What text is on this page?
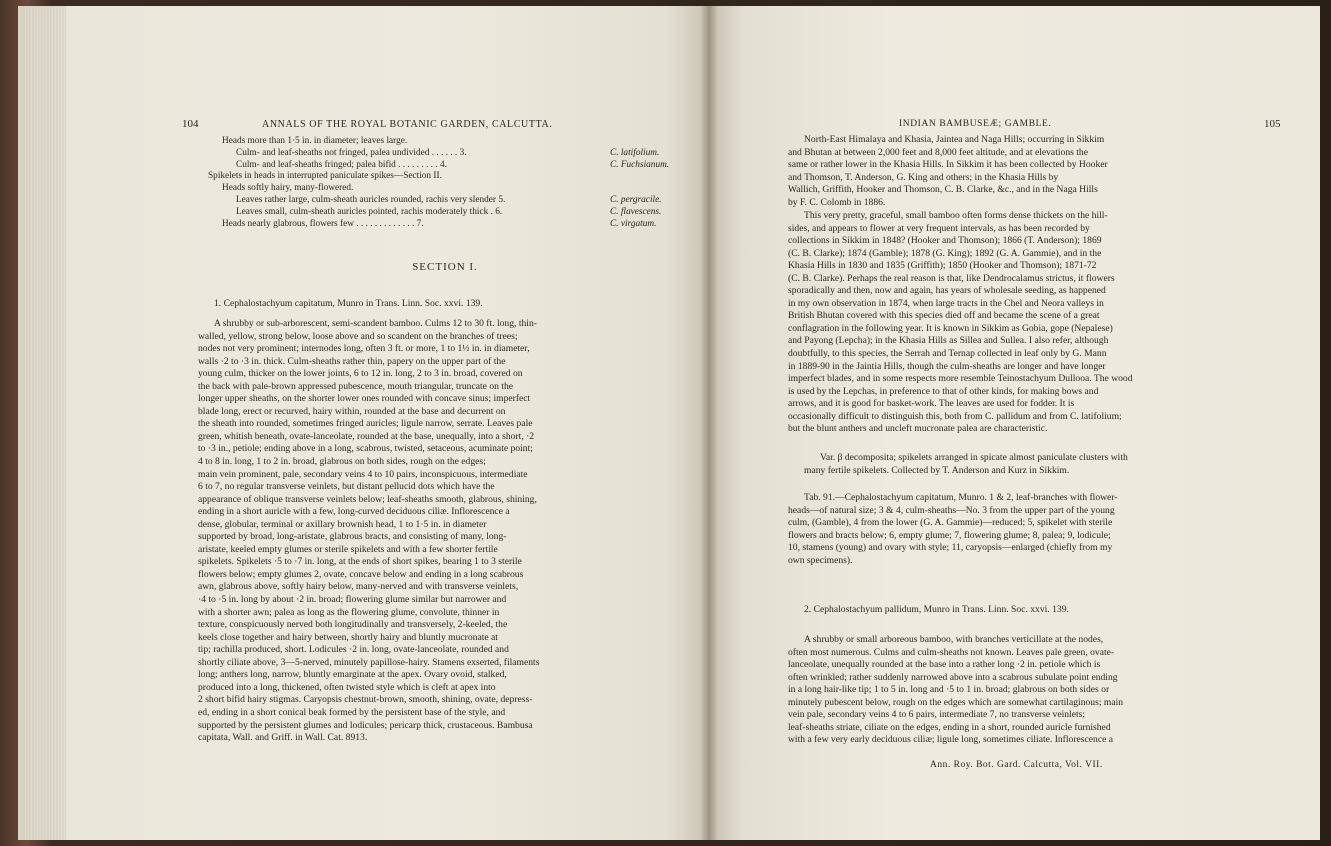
104	ANNALS OF THE ROYAL BOTANIC GARDEN, CALCUTTA.
Heads more than 1·5 in. in diameter; leaves large.
Culm- and leaf-sheaths not fringed, palea undivided . . . . . . 3.	C. latifolium.
Culm- and leaf-sheaths fringed; palea bifid . . . . . . . . . 4.	C. Fuchsianum.
Spikelets in heads in interrupted paniculate spikes—Section II.
Heads softly hairy, many-flowered.
Leaves rather large, culm-sheath auricles rounded, rachis very slender 5.	C. pergracile.
Leaves small, culm-sheath auricles pointed, rachis moderately thick . 6.	C. flavescens.
Heads nearly glabrous, flowers few . . . . . . . . . . . . . 7.	C. virgatum.
SECTION I.
1. Cephalostachyum capitatum, Munro in Trans. Linn. Soc. xxvi. 139.
A shrubby or sub-arborescent, semi-scandent bamboo. Culms 12 to 30 ft. long, thin-
walled, yellow, strong below, loose above and so scandent on the branches of trees;
nodes not very prominent; internodes long, often 3 ft. or more, 1 to 1½ in. in diameter,
walls ·2 to ·3 in. thick. Culm-sheaths rather thin, papery on the upper part of the
young culm, thicker on the lower joints, 6 to 12 in. long, 2 to 3 in. broad, covered on
the back with pale-brown appressed pubescence, mouth triangular, truncate on the
longer upper sheaths, on the shorter lower ones rounded with concave sinus; imperfect
blade long, erect or recurved, hairy within, rounded at the base and decurrent on
the sheath into rounded, sometimes fringed auricles; ligule narrow, serrate. Leaves pale
green, whitish beneath, ovate-lanceolate, rounded at the base, unequally, into a short, ·2
to ·3 in., petiole; ending above in a long, scabrous, twisted, setaceous, acuminate point;
4 to 8 in. long, 1 to 2 in. broad, glabrous on both sides, rough on the edges;
main vein prominent, pale, secondary veins 4 to 10 pairs, inconspicuous, intermediate
6 to 7, no regular transverse veinlets, but distant pellucid dots which have the
appearance of oblique transverse veinlets below; leaf-sheaths smooth, glabrous, shining,
ending in a short auricle with a few, long-curved deciduous ciliæ. Inflorescence a
dense, globular, terminal or axillary brownish head, 1 to 1·5 in. in diameter
supported by broad, long-aristate, glabrous bracts, and consisting of many, long-
aristate, keeled empty glumes or sterile spikelets and with a few shorter fertile
spikelets. Spikelets ·5 to ·7 in. long, at the ends of short spikes, bearing 1 to 3 sterile
flowers below; empty glumes 2, ovate, concave below and ending in a long scabrous
awn, glabrous above, softly hairy below, many-nerved and with transverse veinlets,
·4 to ·5 in. long by about ·2 in. broad; flowering glume similar but narrower and
with a shorter awn; palea as long as the flowering glume, convolute, thinner in
texture, conspicuously nerved both longitudinally and transversely, 2-keeled, the
keels close together and hairy between, shortly hairy and bluntly mucronate at
tip; rachilla produced, short. Lodicules ·2 in. long, ovate-lanceolate, rounded and
shortly ciliate above, 3—5-nerved, minutely papillose-hairy. Stamens exserted, filaments
long; anthers long, narrow, bluntly emarginate at the apex. Ovary ovoid, stalked,
produced into a long, thickened, often twisted style which is cleft at apex into
2 short bifid hairy stigmas. Caryopsis chestnut-brown, smooth, shining, ovate, depress-
ed, ending in a short conical beak formed by the persistent base of the style, and
supported by the persistent glumes and lodicules; pericarp thick, crustaceous. Bambusa
capitata, Wall. and Griff. in Wall. Cat. 8913.
INDIAN BAMBUSEÆ; GAMBLE.	105
North-East Himalaya and Khasia, Jaintea and Naga Hills; occurring in Sikkim
and Bhutan at between 2,000 feet and 8,000 feet altitude, and at elevations the
same or rather lower in the Khasia Hills. In Sikkim it has been collected by Hooker
and Thomson, T. Anderson, G. King and others; in the Khasia Hills by
Wallich, Griffith, Hooker and Thomson, C. B. Clarke, &c., and in the Naga Hills
by F. C. Colomb in 1886.
This very pretty, graceful, small bamboo often forms dense thickets on the hill-
sides, and appears to flower at very frequent intervals, as has been recorded by
collections in Sikkim in 1848? (Hooker and Thomson); 1866 (T. Anderson); 1869
(C. B. Clarke); 1874 (Gamble); 1878 (G. King); 1892 (G. A. Gammie), and in the
Khasia Hills in 1830 and 1835 (Griffith); 1850 (Hooker and Thomson); 1871-72
(C. B. Clarke). Perhaps the real reason is that, like Dendrocalamus strictus, it flowers
sporadically and then, now and again, has years of wholesale seeding, as happened
in my own observation in 1874, when large tracts in the Chel and Neora valleys in
British Bhutan covered with this species died off and became the scene of a great
conflagration in the following year. It is known in Sikkim as Gobia, gope (Nepalese)
and Payong (Lepcha); in the Khasia Hills as Sillea and Sullea. I also refer, although
doubtfully, to this species, the Serrah and Ternap collected in leaf only by G. Mann
in 1889-90 in the Jaintia Hills, though the culm-sheaths are longer and have longer
imperfect blades, and in some respects more resemble Teinostachyum Dullooa. The wood
is used by the Lepchas, in preference to that of other kinds, for making bows and
arrows, and it is good for basket-work. The leaves are used for fodder. It is
occasionally difficult to distinguish this, both from C. pallidum and from C. latifolium;
but the blunt anthers and uncleft mucronate palea are characteristic.
Var. β decomposita; spikelets arranged in spicate almost paniculate clusters with
many fertile spikelets. Collected by T. Anderson and Kurz in Sikkim.
Tab. 91.—Cephalostachyum capitatum, Munro. 1 & 2, leaf-branches with flower-
heads—of natural size; 3 & 4, culm-sheaths—No. 3 from the upper part of the young
culm, (Gamble), 4 from the lower (G. A. Gammie)—reduced; 5, spikelet with sterile
flowers and bracts below; 6, empty glume; 7, flowering glume; 8, palea; 9, lodicule;
10, stamens (young) and ovary with style; 11, caryopsis—enlarged (chiefly from my
own specimens).
2. Cephalostachyum pallidum, Munro in Trans. Linn. Soc. xxvi. 139.
A shrubby or small arboreous bamboo, with branches verticillate at the nodes,
often most numerous. Culms and culm-sheaths not known. Leaves pale green, ovate-
lanceolate, unequally rounded at the base into a rather long ·2 in. petiole which is
often wrinkled; rather suddenly narrowed above into a scabrous subulate point ending
in a long hair-like tip; 1 to 5 in. long and ·5 to 1 in. broad; glabrous on both sides or
minutely pubescent below, rough on the edges which are somewhat cartilaginous; main
vein pale, secondary veins 4 to 6 pairs, intermediate 7, no transverse veinlets;
leaf-sheaths striate, ciliate on the edges, ending in a short, rounded auricle furnished
with a few very early deciduous ciliæ; ligule long, sometimes ciliate. Inflorescence a
Ann. Roy. Bot. Gard. Calcutta, Vol. VII.
